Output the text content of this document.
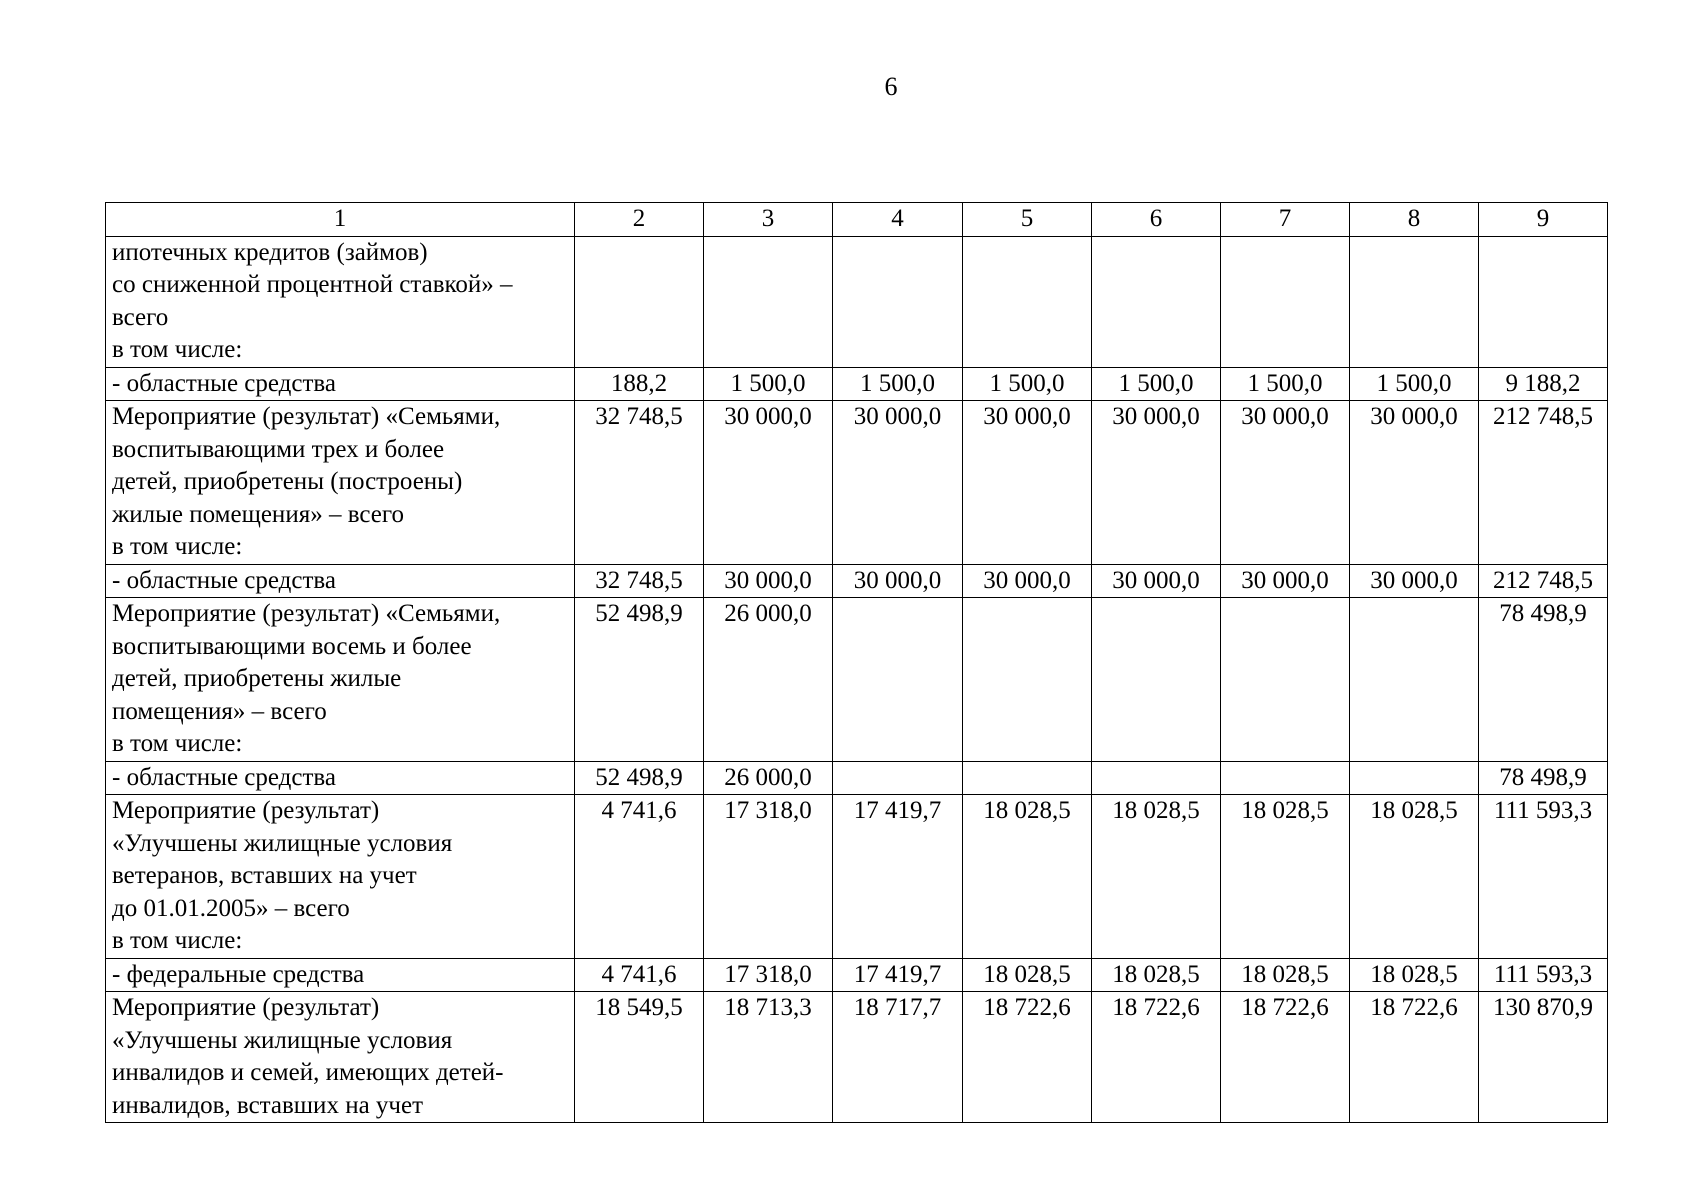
6
1	2	3	4	5	6	7	8	9

ипотечных кредитов (займов)
со сниженной процентной ставкой» –
всего
в том числе:								

- областные средства	188,2	1 500,0	1 500,0	1 500,0	1 500,0	1 500,0	1 500,0	9 188,2

Мероприятие (результат) «Семьями,
воспитывающими трех и более
детей, приобретены (построены)
жилые помещения» – всего
в том числе:	32 748,5	30 000,0	30 000,0	30 000,0	30 000,0	30 000,0	30 000,0	212 748,5

- областные средства	32 748,5	30 000,0	30 000,0	30 000,0	30 000,0	30 000,0	30 000,0	212 748,5

Мероприятие (результат) «Семьями,
воспитывающими восемь и более
детей, приобретены жилые
помещения» – всего
в том числе:	52 498,9	26 000,0						78 498,9

- областные средства	52 498,9	26 000,0						78 498,9

Мероприятие (результат)
«Улучшены жилищные условия
ветеранов, вставших на учет
до 01.01.2005» – всего
в том числе:	4 741,6	17 318,0	17 419,7	18 028,5	18 028,5	18 028,5	18 028,5	111 593,3

- федеральные средства	4 741,6	17 318,0	17 419,7	18 028,5	18 028,5	18 028,5	18 028,5	111 593,3

Мероприятие (результат)
«Улучшены жилищные условия
инвалидов и семей, имеющих детей-
инвалидов, вставших на учет	18 549,5	18 713,3	18 717,7	18 722,6	18 722,6	18 722,6	18 722,6	130 870,9
